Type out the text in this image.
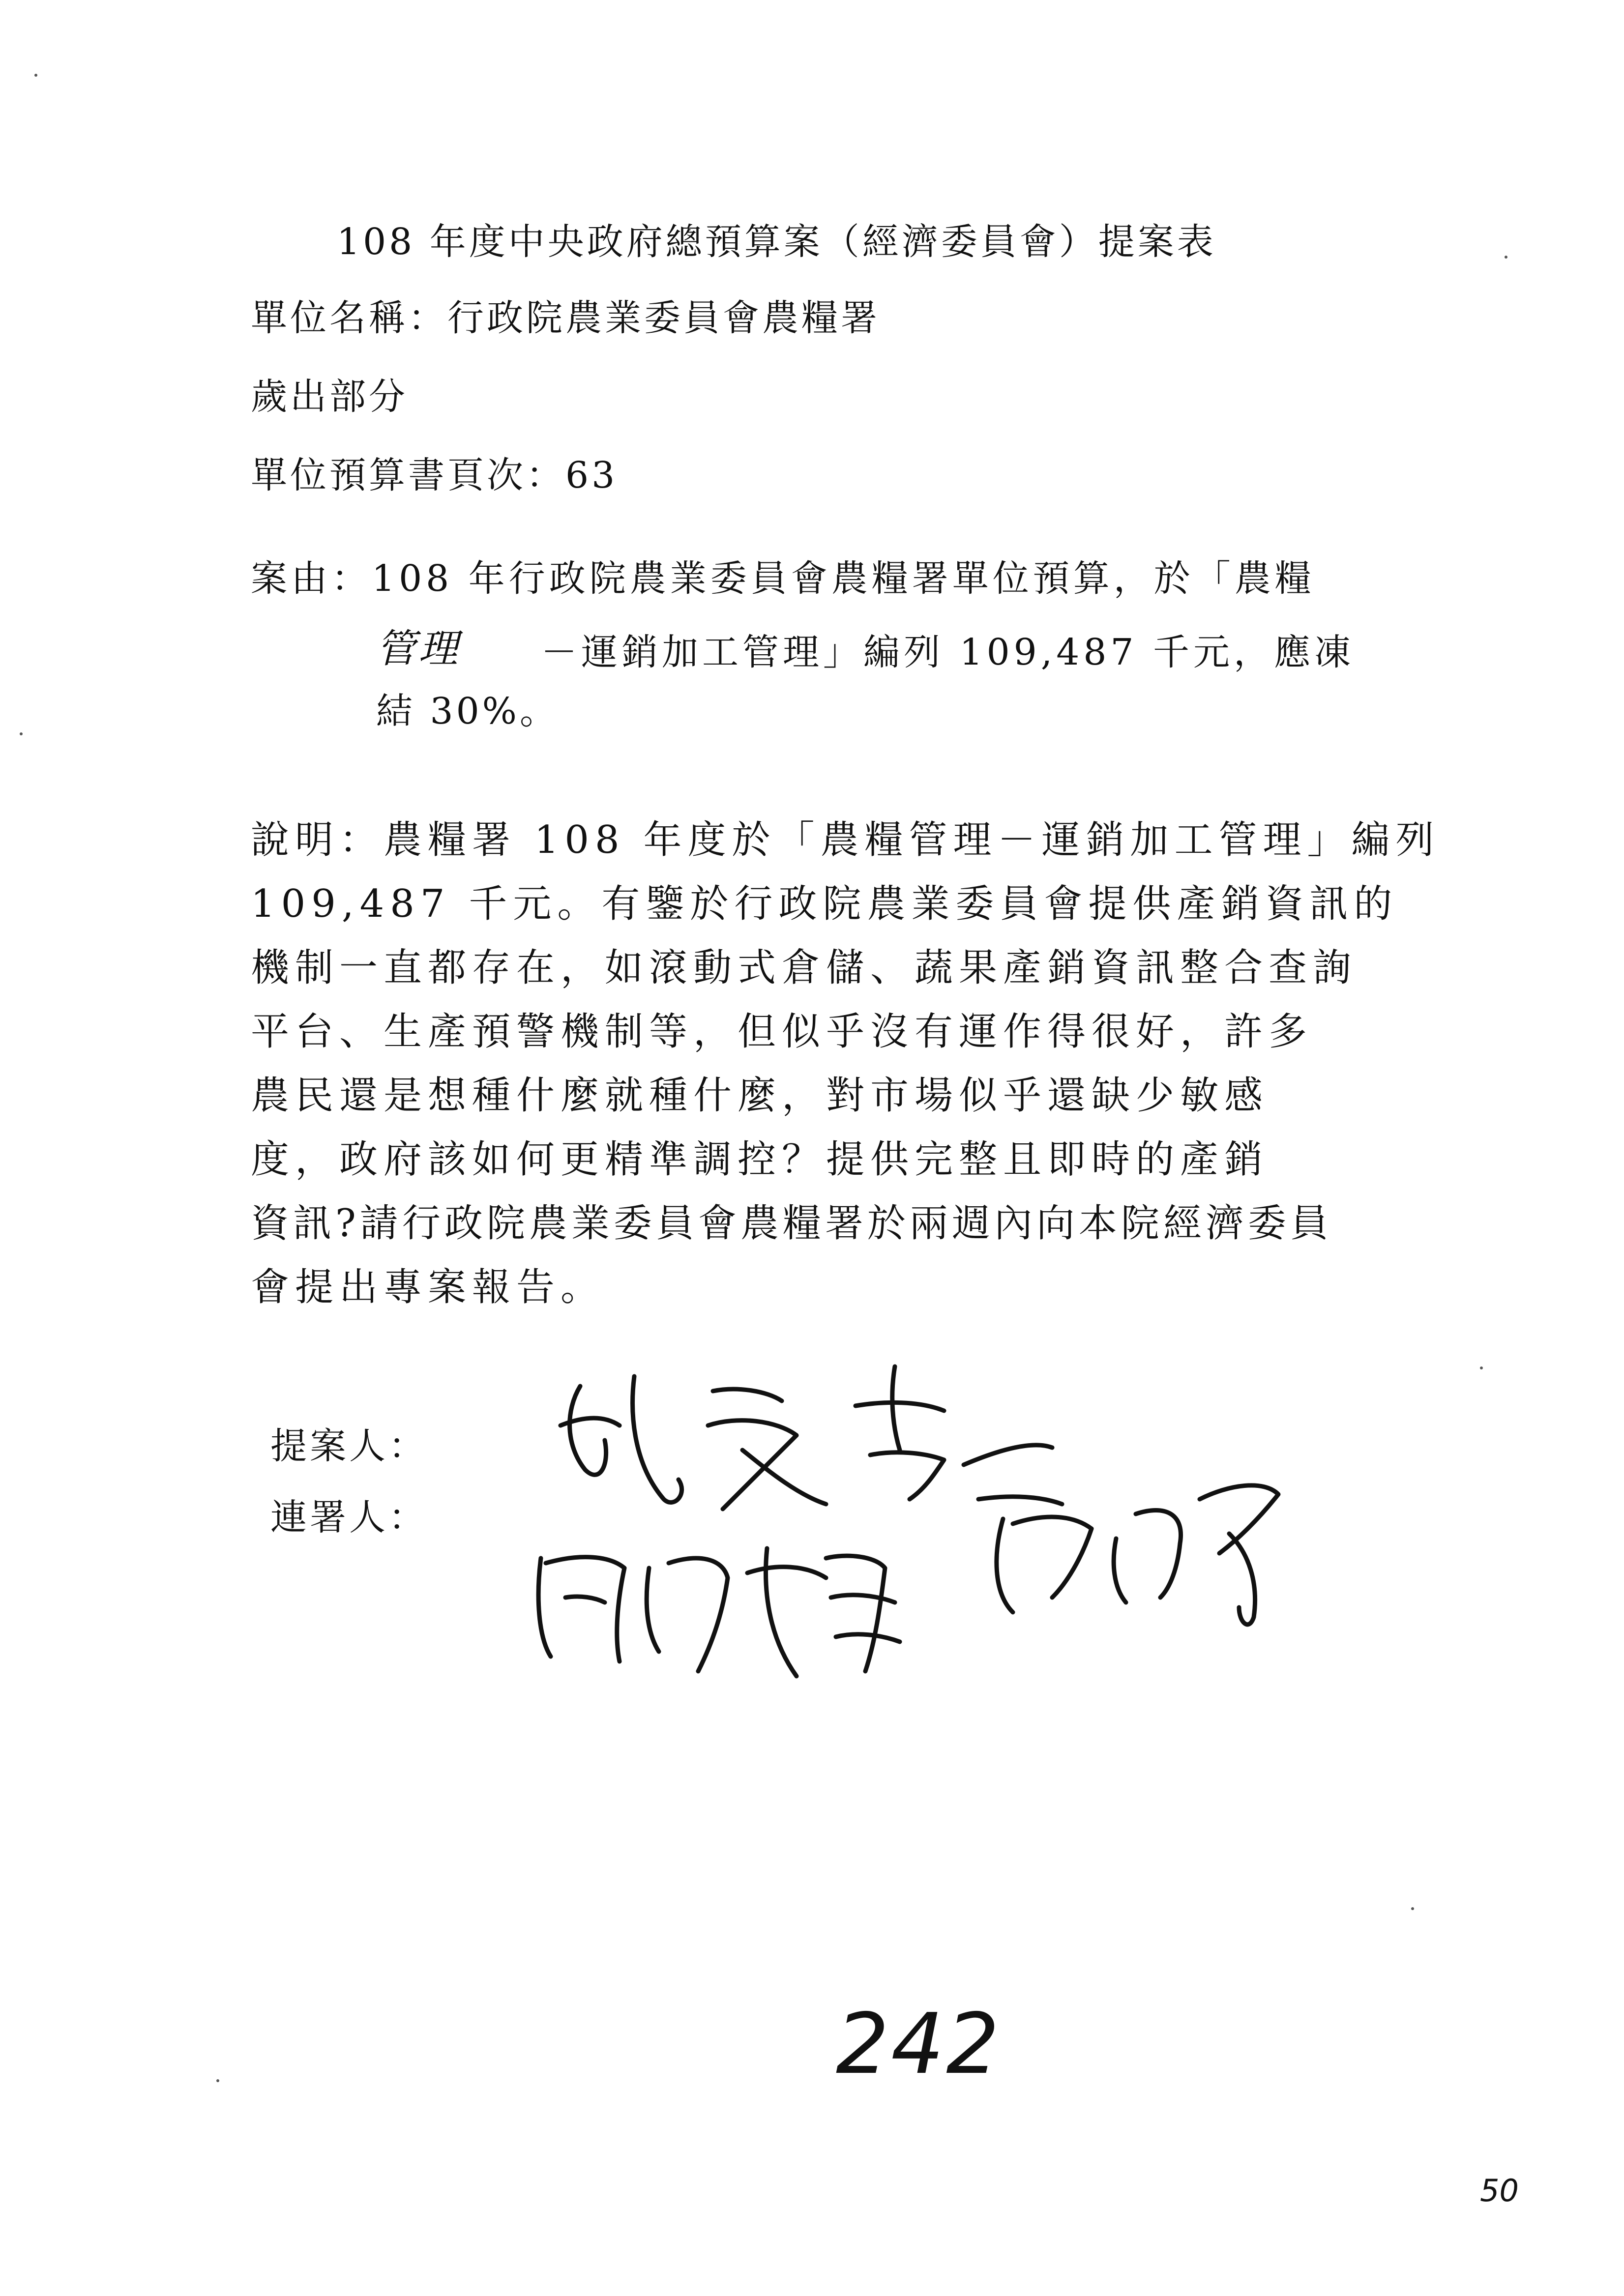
108 年度中央政府總預算案（經濟委員會）提案表
單位名稱：行政院農業委員會農糧署
歲出部分
單位預算書頁次：63
案由：108 年行政院農業委員會農糧署單位預算，於「農糧
管理 －運銷加工管理」編列 109,487 千元，應凍
結 30%。
說明：農糧署 108 年度於「農糧管理－運銷加工管理」編列
109,487 千元。有鑒於行政院農業委員會提供產銷資訊的
機制一直都存在，如滾動式倉儲、蔬果產銷資訊整合查詢
平台、生產預警機制等，但似乎沒有運作得很好，許多
農民還是想種什麼就種什麼，對市場似乎還缺少敏感
度，政府該如何更精準調控？提供完整且即時的產銷
資訊?請行政院農業委員會農糧署於兩週內向本院經濟委員
會提出專案報告。
提案人：
連署人：
242
50
